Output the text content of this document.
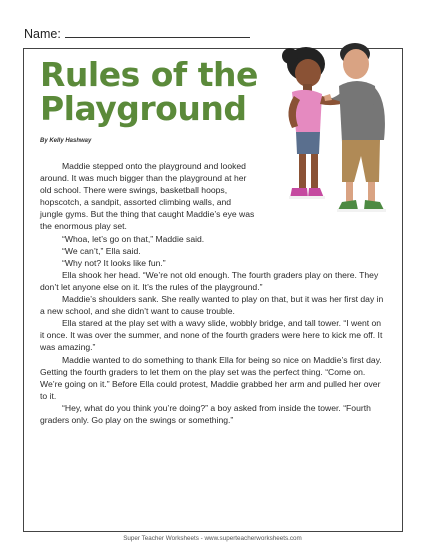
Name:
Rules of the
Playground
By Kelly Hashway

Maddie stepped onto the playground and looked around. It was much bigger than the playground at her old school. There were swings, basketball hoops, hopscotch, a sandpit, assorted climbing walls, and jungle gyms. But the thing that caught Maddie’s eye was the enormous play set.

“Whoa, let’s go on that,” Maddie said.

“We can’t,” Ella said.

“Why not? It looks like fun.”

Ella shook her head. “We’re not old enough. The fourth graders play on there. They don’t let anyone else on it. It’s the rules of the playground.”

Maddie’s shoulders sank. She really wanted to play on that, but it was her first day in a new school, and she didn’t want to cause trouble.

Ella stared at the play set with a wavy slide, wobbly bridge, and tall tower. “I went on it once. It was over the summer, and none of the fourth graders were here to kick me off. It was amazing.”

Maddie wanted to do something to thank Ella for being so nice on Maddie’s first day. Getting the fourth graders to let them on the play set was the perfect thing. “Come on. We’re going on it.” Before Ella could protest, Maddie grabbed her arm and pulled her over to it.

“Hey, what do you think you’re doing?” a boy asked from inside the tower. “Fourth graders only. Go play on the swings or something.”

Super Teacher Worksheets - www.superteacherworksheets.com
